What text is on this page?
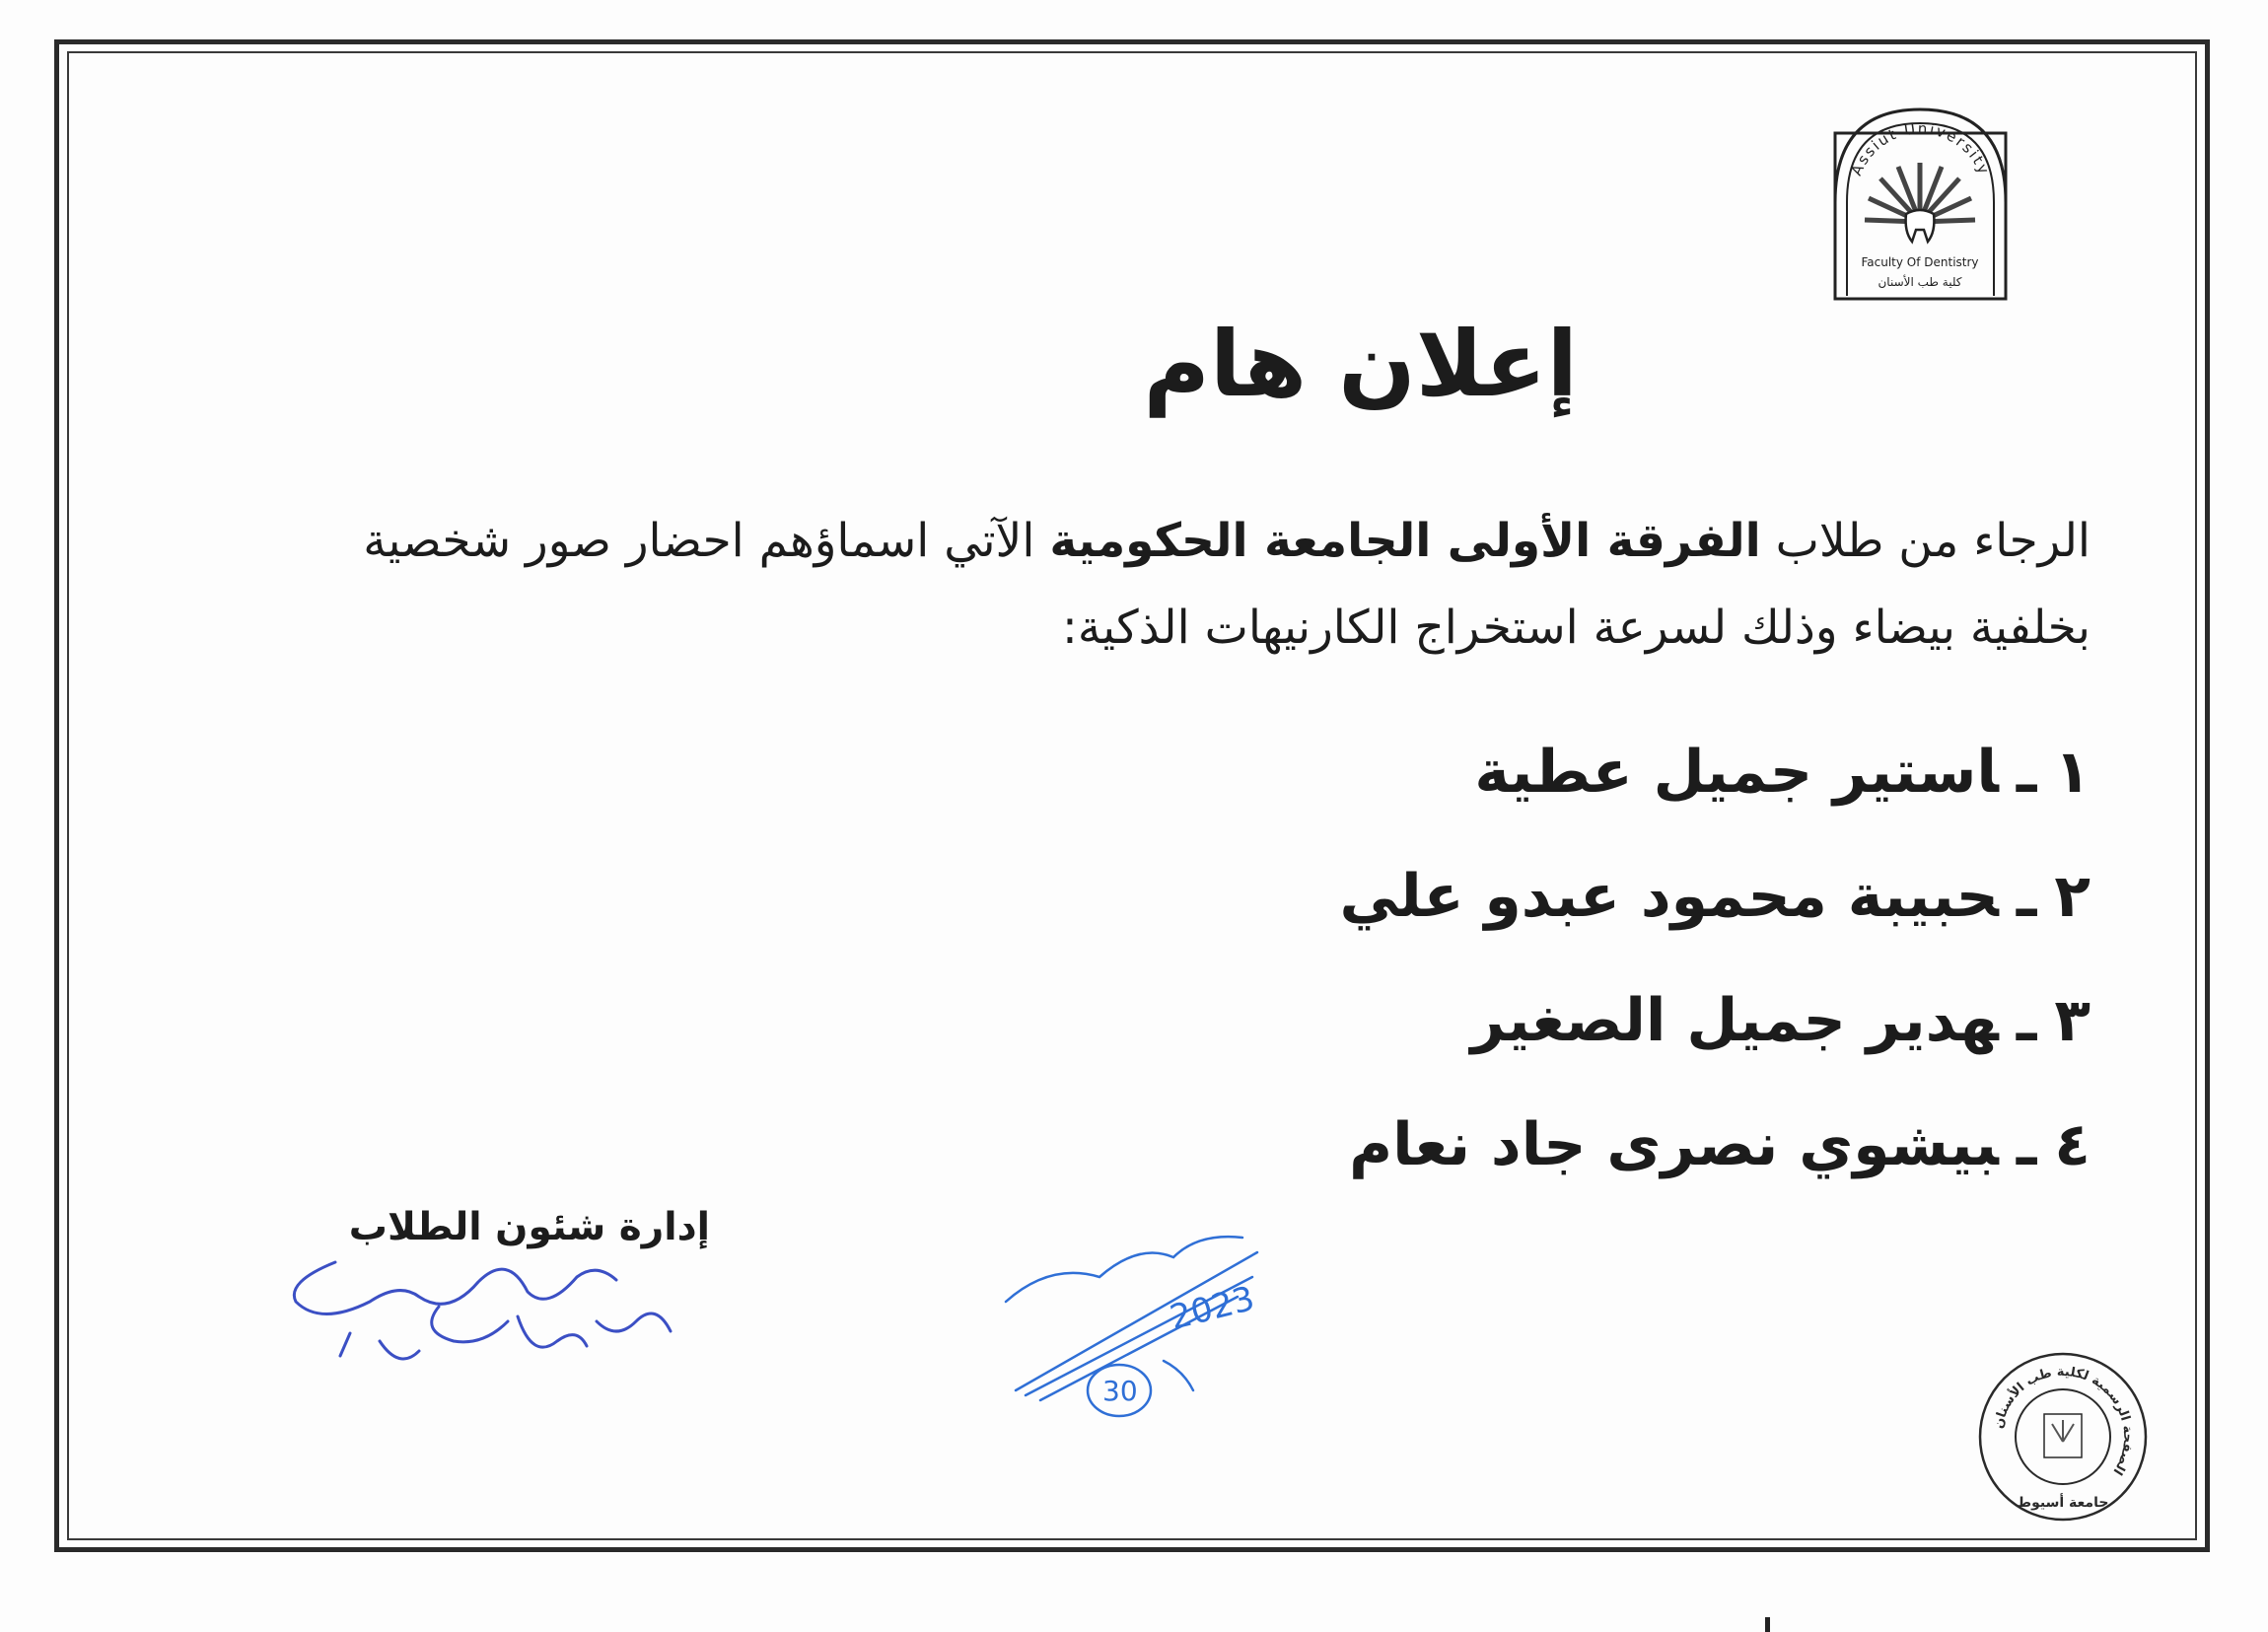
Assiut University
Faculty Of Dentistry
كلية طب الأسنان
إعلان هام

الرجاء من طلاب الفرقة الأولى الجامعة الحكومية الآتي اسماؤهم احضار صور شخصية بخلفية بيضاء وذلك لسرعة استخراج الكارنيهات الذكية:

١ـاستير جميل عطية
٢ـحبيبة محمود عبدو علي
٣ـهدير جميل الصغير
٤ـبيشوي نصرى جاد نعام
إدارة شئون الطلاب
2023
30
الصفحة الرسمية لكلية طب الأسنان
جامعة أسيوط
